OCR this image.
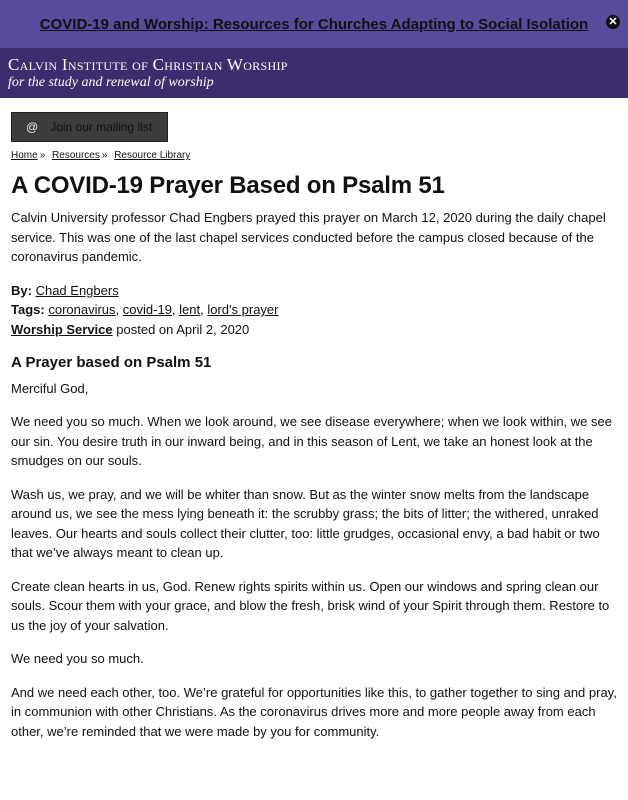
COVID-19 and Worship: Resources for Churches Adapting to Social Isolation ✕
Calvin Institute of Christian Worship
for the study and renewal of worship
@ Join our mailing list
Home » Resources » Resource Library
A COVID-19 Prayer Based on Psalm 51

Calvin University professor Chad Engbers prayed this prayer on March 12, 2020 during the daily chapel service. This was one of the last chapel services conducted before the campus closed because of the coronavirus pandemic.

By: Chad Engbers
Tags: coronavirus, covid-19, lent, lord's prayer
Worship Service posted on April 2, 2020
A Prayer based on Psalm 51

Merciful God,

We need you so much. When we look around, we see disease everywhere; when we look within, we see our sin. You desire truth in our inward being, and in this season of Lent, we take an honest look at the smudges on our souls.

Wash us, we pray, and we will be whiter than snow. But as the winter snow melts from the landscape around us, we see the mess lying beneath it: the scrubby grass; the bits of litter; the withered, unraked leaves. Our hearts and souls collect their clutter, too: little grudges, occasional envy, a bad habit or two that we’ve always meant to clean up.

Create clean hearts in us, God. Renew rights spirits within us. Open our windows and spring clean our souls. Scour them with your grace, and blow the fresh, brisk wind of your Spirit through them. Restore to us the joy of your salvation.

We need you so much.

And we need each other, too. We’re grateful for opportunities like this, to gather together to sing and pray, in communion with other Christians. As the coronavirus drives more and more people away from each other, we’re reminded that we were made by you for community.
